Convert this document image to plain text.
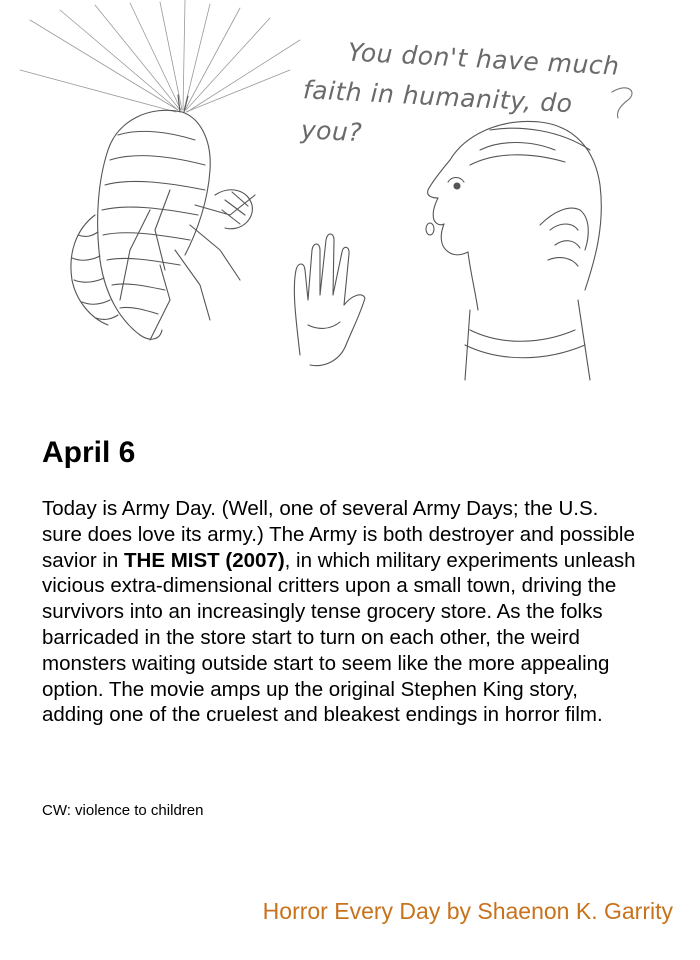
You don't have much
faith in humanity, do you?
April 6

Today is Army Day. (Well, one of several Army Days; the U.S. sure does love its army.) The Army is both destroyer and possible savior in THE MIST (2007), in which military experiments unleash vicious extra-dimensional critters upon a small town, driving the survivors into an increasingly tense grocery store. As the folks barricaded in the store start to turn on each other, the weird monsters waiting outside start to seem like the more appealing option. The movie amps up the original Stephen King story, adding one of the cruelest and bleakest endings in horror film.

CW: violence to children
Horror Every Day by Shaenon K. Garrity
